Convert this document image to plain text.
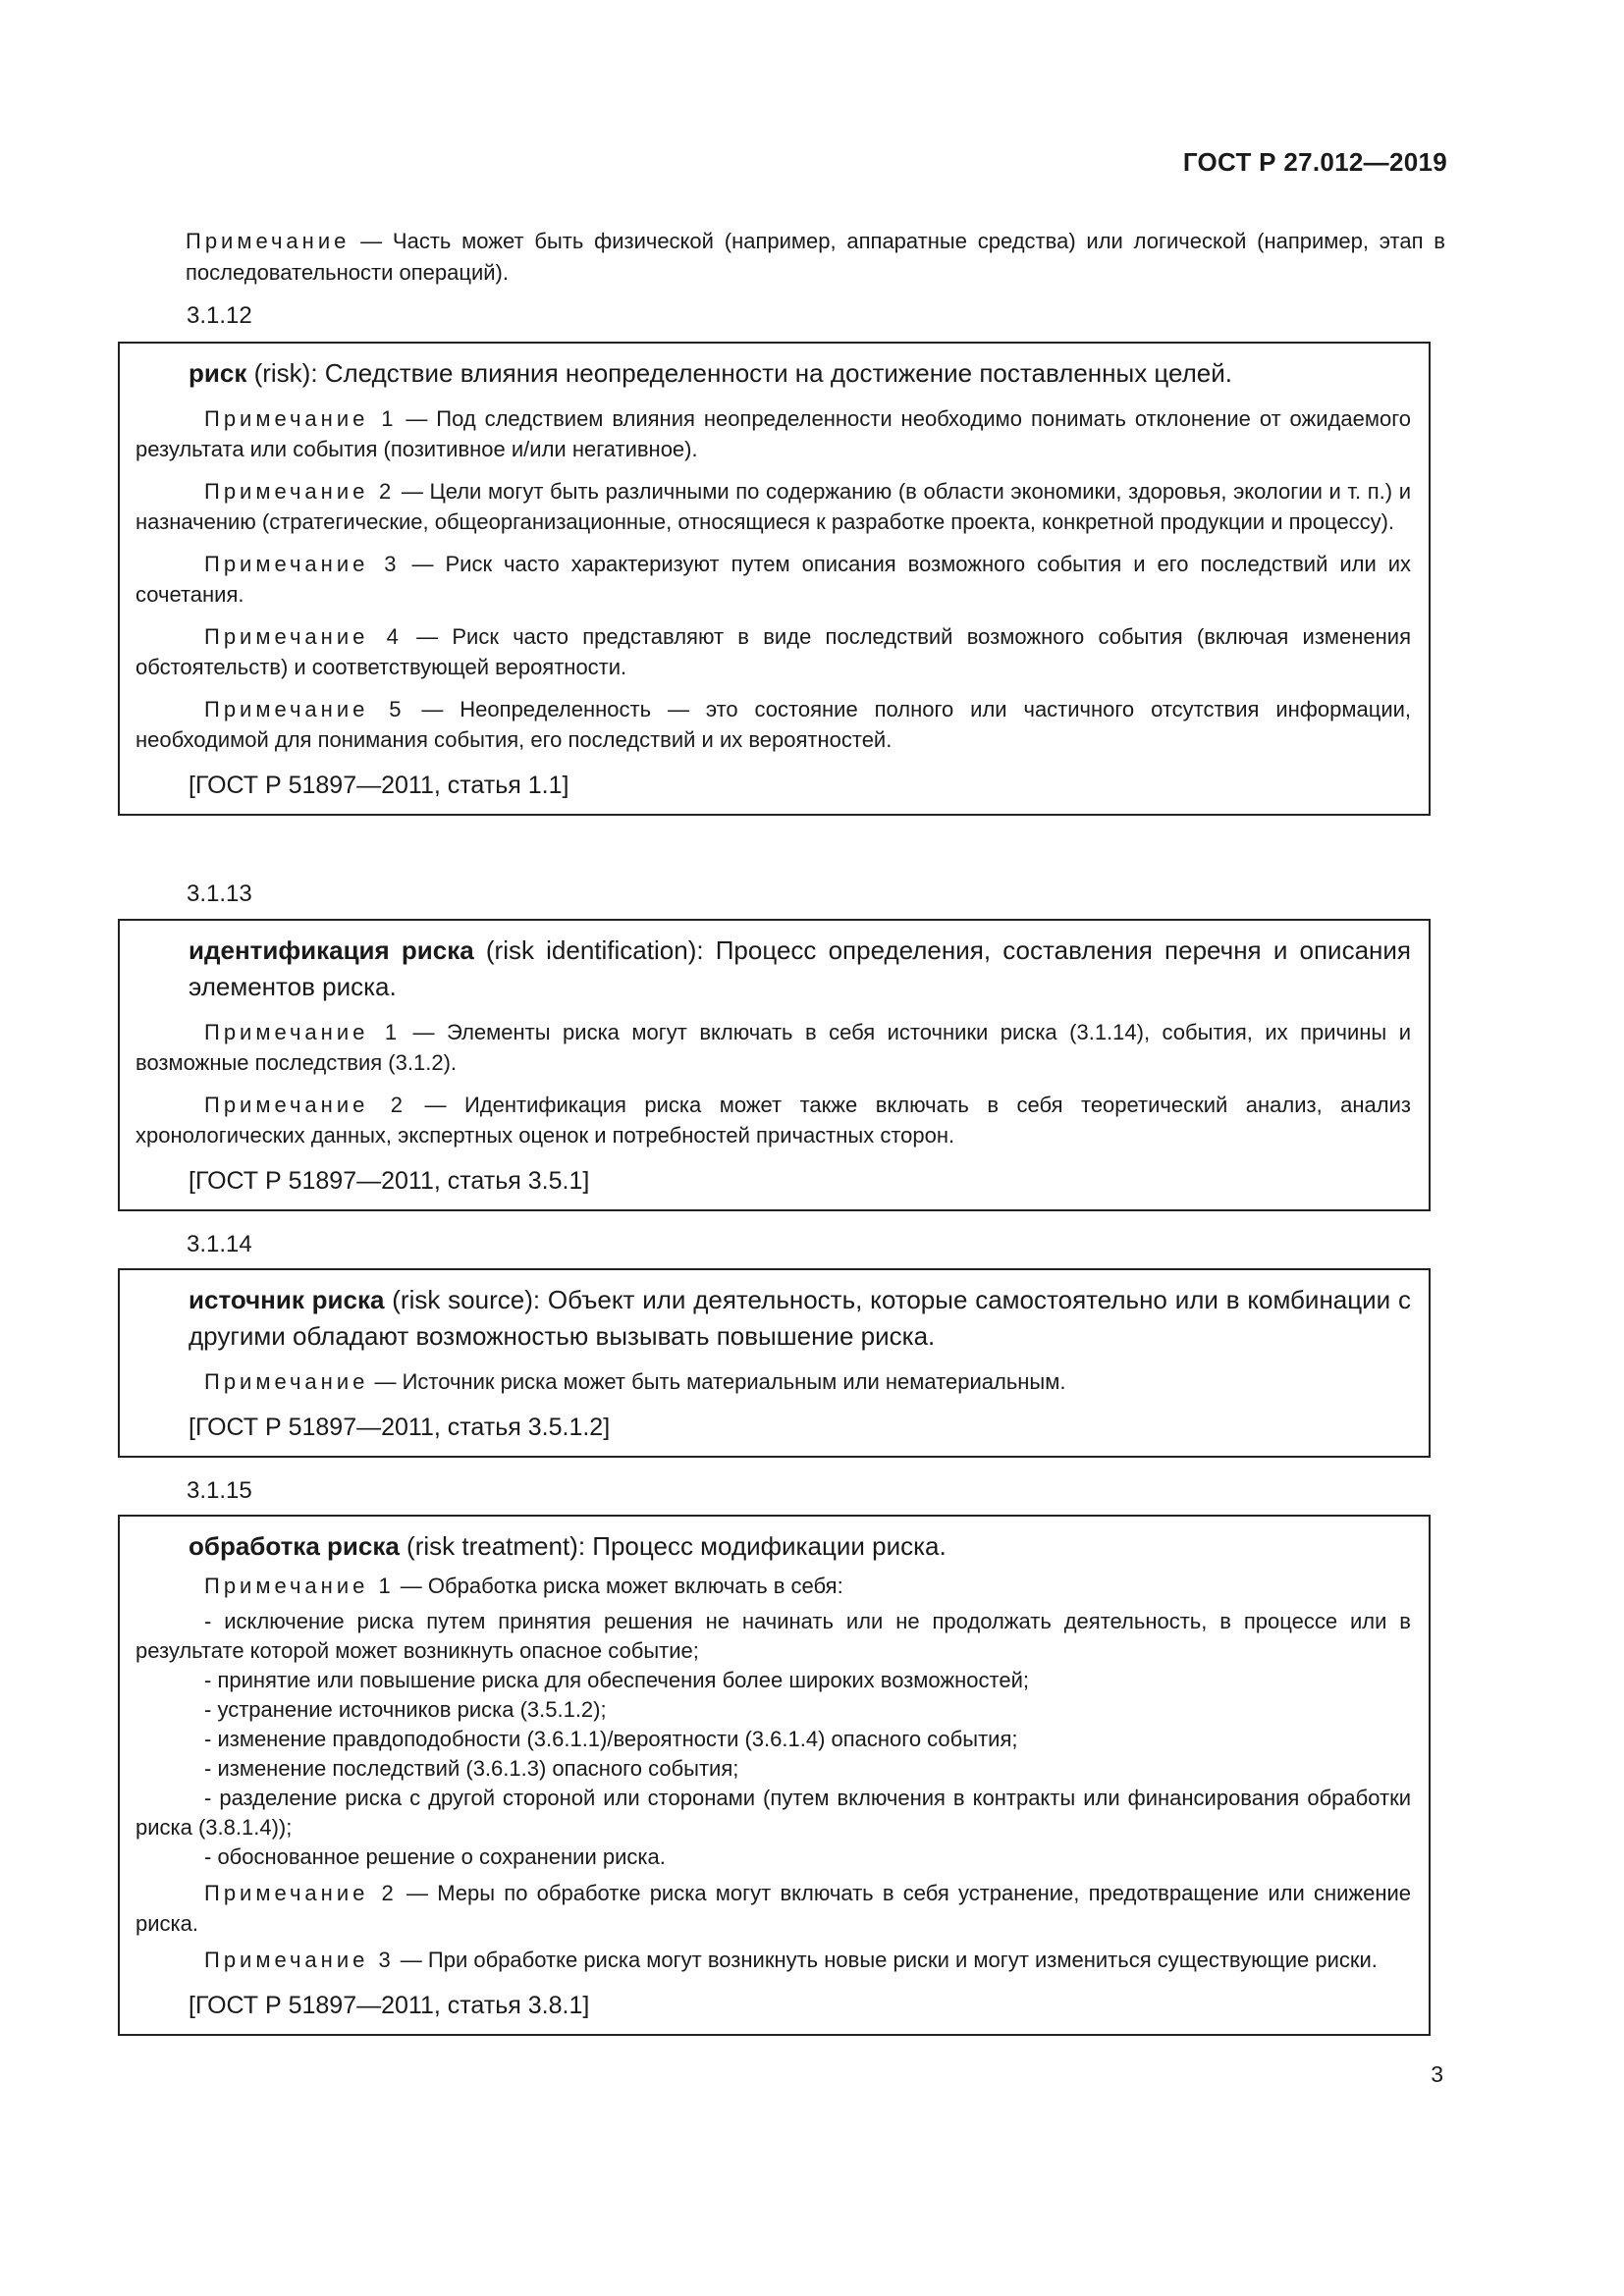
ГОСТ Р 27.012—2019
Примечание — Часть может быть физической (например, аппаратные средства) или логической (например, этап в последовательности операций).
3.1.12
риск (risk): Следствие влияния неопределенности на достижение поставленных целей.
Примечание 1 — Под следствием влияния неопределенности необходимо понимать отклонение от ожидаемого результата или события (позитивное и/или негативное).
Примечание 2 — Цели могут быть различными по содержанию (в области экономики, здоровья, экологии и т. п.) и назначению (стратегические, общеорганизационные, относящиеся к разработке проекта, конкретной продукции и процессу).
Примечание 3 — Риск часто характеризуют путем описания возможного события и его последствий или их сочетания.
Примечание 4 — Риск часто представляют в виде последствий возможного события (включая изменения обстоятельств) и соответствующей вероятности.
Примечание 5 — Неопределенность — это состояние полного или частичного отсутствия информации, необходимой для понимания события, его последствий и их вероятностей.
[ГОСТ Р 51897—2011, статья 1.1]
3.1.13
идентификация риска (risk identification): Процесс определения, составления перечня и описания элементов риска.
Примечание 1 — Элементы риска могут включать в себя источники риска (3.1.14), события, их причины и возможные последствия (3.1.2).
Примечание 2 — Идентификация риска может также включать в себя теоретический анализ, анализ хронологических данных, экспертных оценок и потребностей причастных сторон.
[ГОСТ Р 51897—2011, статья 3.5.1]
3.1.14
источник риска (risk source): Объект или деятельность, которые самостоятельно или в комбинации с другими обладают возможностью вызывать повышение риска.
Примечание — Источник риска может быть материальным или нематериальным.
[ГОСТ Р 51897—2011, статья 3.5.1.2]
3.1.15
обработка риска (risk treatment): Процесс модификации риска.
Примечание 1 — Обработка риска может включать в себя:
- исключение риска путем принятия решения не начинать или не продолжать деятельность, в процессе или в результате которой может возникнуть опасное событие;
- принятие или повышение риска для обеспечения более широких возможностей;
- устранение источников риска (3.5.1.2);
- изменение правдоподобности (3.6.1.1)/вероятности (3.6.1.4) опасного события;
- изменение последствий (3.6.1.3) опасного события;
- разделение риска с другой стороной или сторонами (путем включения в контракты или финансирования обработки риска (3.8.1.4));
- обоснованное решение о сохранении риска.
Примечание 2 — Меры по обработке риска могут включать в себя устранение, предотвращение или снижение риска.
Примечание 3 — При обработке риска могут возникнуть новые риски и могут измениться существующие риски.
[ГОСТ Р 51897—2011, статья 3.8.1]
3
